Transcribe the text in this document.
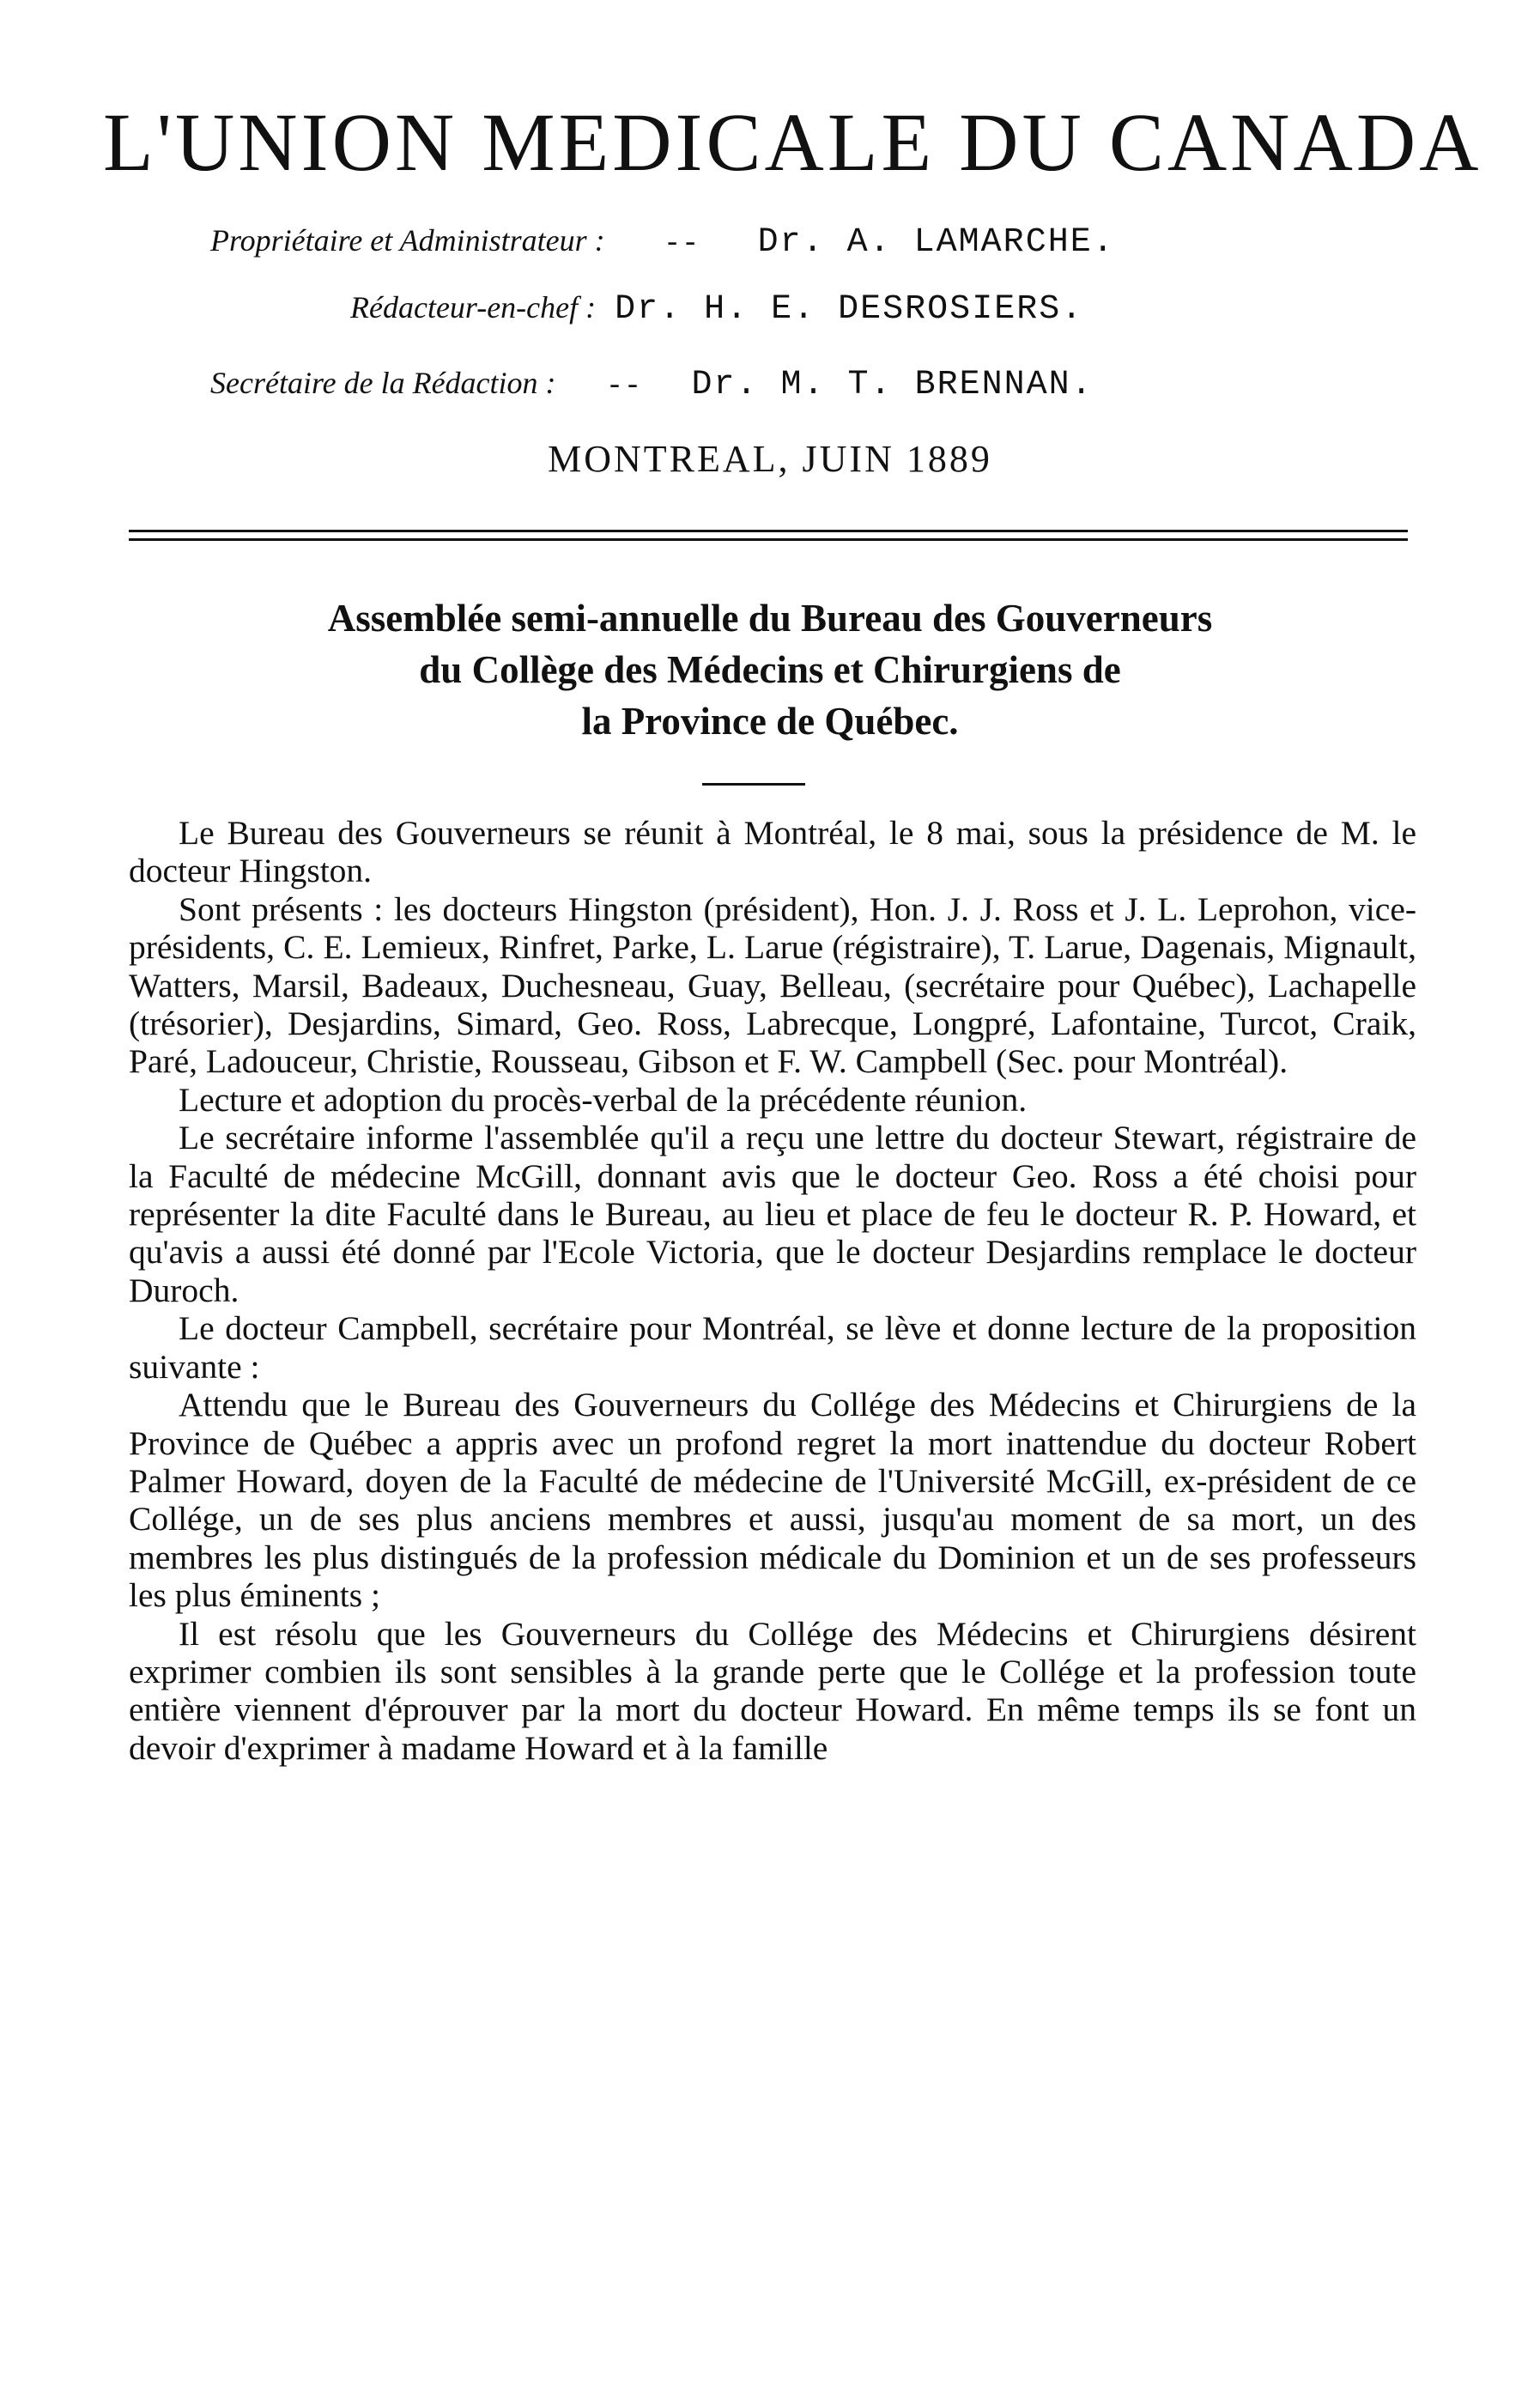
L'UNION MEDICALE DU CANADA
Propriétaire et Administrateur : - - Dr. A. LAMARCHE.
Rédacteur-en-chef : Dr. H. E. DESROSIERS.
Secrétaire de la Rédaction : - - Dr. M. T. BRENNAN.
MONTREAL, JUIN 1889
Assemblée semi-annuelle du Bureau des Gouverneurs
du Collège des Médecins et Chirurgiens de
la Province de Québec.

Le Bureau des Gouverneurs se réunit à Montréal, le 8 mai, sous la présidence de M. le docteur Hingston.

Sont présents : les docteurs Hingston (président), Hon. J. J. Ross et J. L. Leprohon, vice-présidents, C. E. Lemieux, Rinfret, Parke, L. Larue (régistraire), T. Larue, Dagenais, Mignault, Watters, Marsil, Badeaux, Duchesneau, Guay, Belleau, (secrétaire pour Québec), Lachapelle (trésorier), Desjardins, Simard, Geo. Ross, Labrecque, Longpré, Lafontaine, Turcot, Craik, Paré, Ladouceur, Christie, Rousseau, Gibson et F. W. Campbell (Sec. pour Montréal).

Lecture et adoption du procès-verbal de la précédente réunion.

Le secrétaire informe l'assemblée qu'il a reçu une lettre du docteur Stewart, régistraire de la Faculté de médecine McGill, donnant avis que le docteur Geo. Ross a été choisi pour représenter la dite Faculté dans le Bureau, au lieu et place de feu le docteur R. P. Howard, et qu'avis a aussi été donné par l'Ecole Victoria, que le docteur Desjardins remplace le docteur Duroch.

Le docteur Campbell, secrétaire pour Montréal, se lève et donne lecture de la proposition suivante :

Attendu que le Bureau des Gouverneurs du Collége des Médecins et Chirurgiens de la Province de Québec a appris avec un profond regret la mort inattendue du docteur Robert Palmer Howard, doyen de la Faculté de médecine de l'Université McGill, ex-président de ce Collége, un de ses plus anciens membres et aussi, jusqu'au moment de sa mort, un des membres les plus distingués de la profession médicale du Dominion et un de ses professeurs les plus éminents ;

Il est résolu que les Gouverneurs du Collége des Médecins et Chirurgiens désirent exprimer combien ils sont sensibles à la grande perte que le Collége et la profession toute entière viennent d'éprouver par la mort du docteur Howard. En même temps ils se font un devoir d'exprimer à madame Howard et à la famille
